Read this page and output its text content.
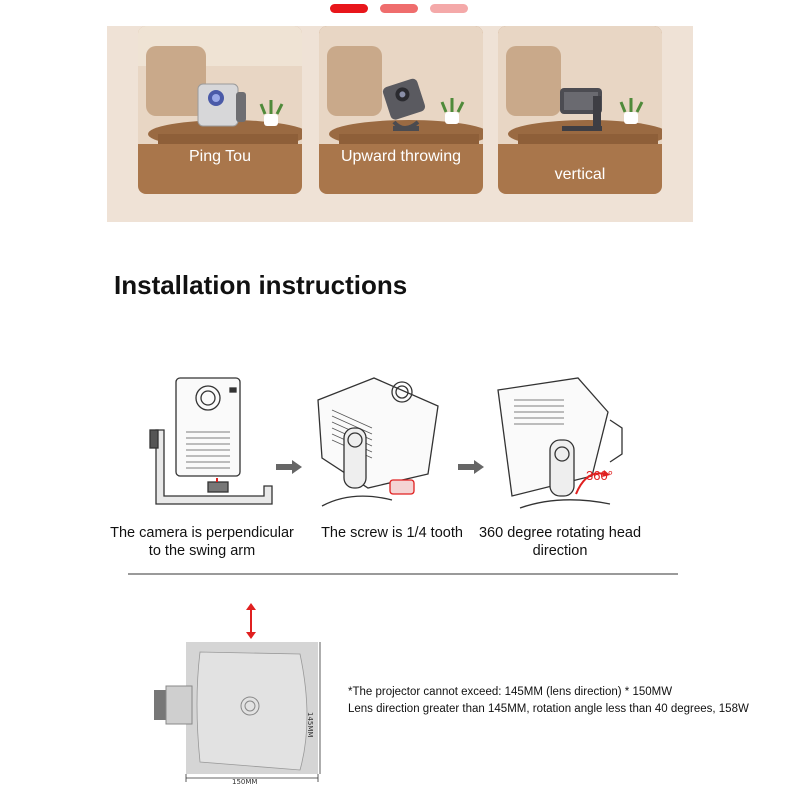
Ping Tou	Upward throwing
vertical
Installation instructions
360°
The camera is perpendicular
to the swing arm
The screw is 1/4 tooth	360 degree rotating head
direction
150MM
145MM
*The projector cannot exceed: 145MM (lens direction) * 150MW
Lens direction greater than 145MM, rotation angle less than 40 degrees, 158W
